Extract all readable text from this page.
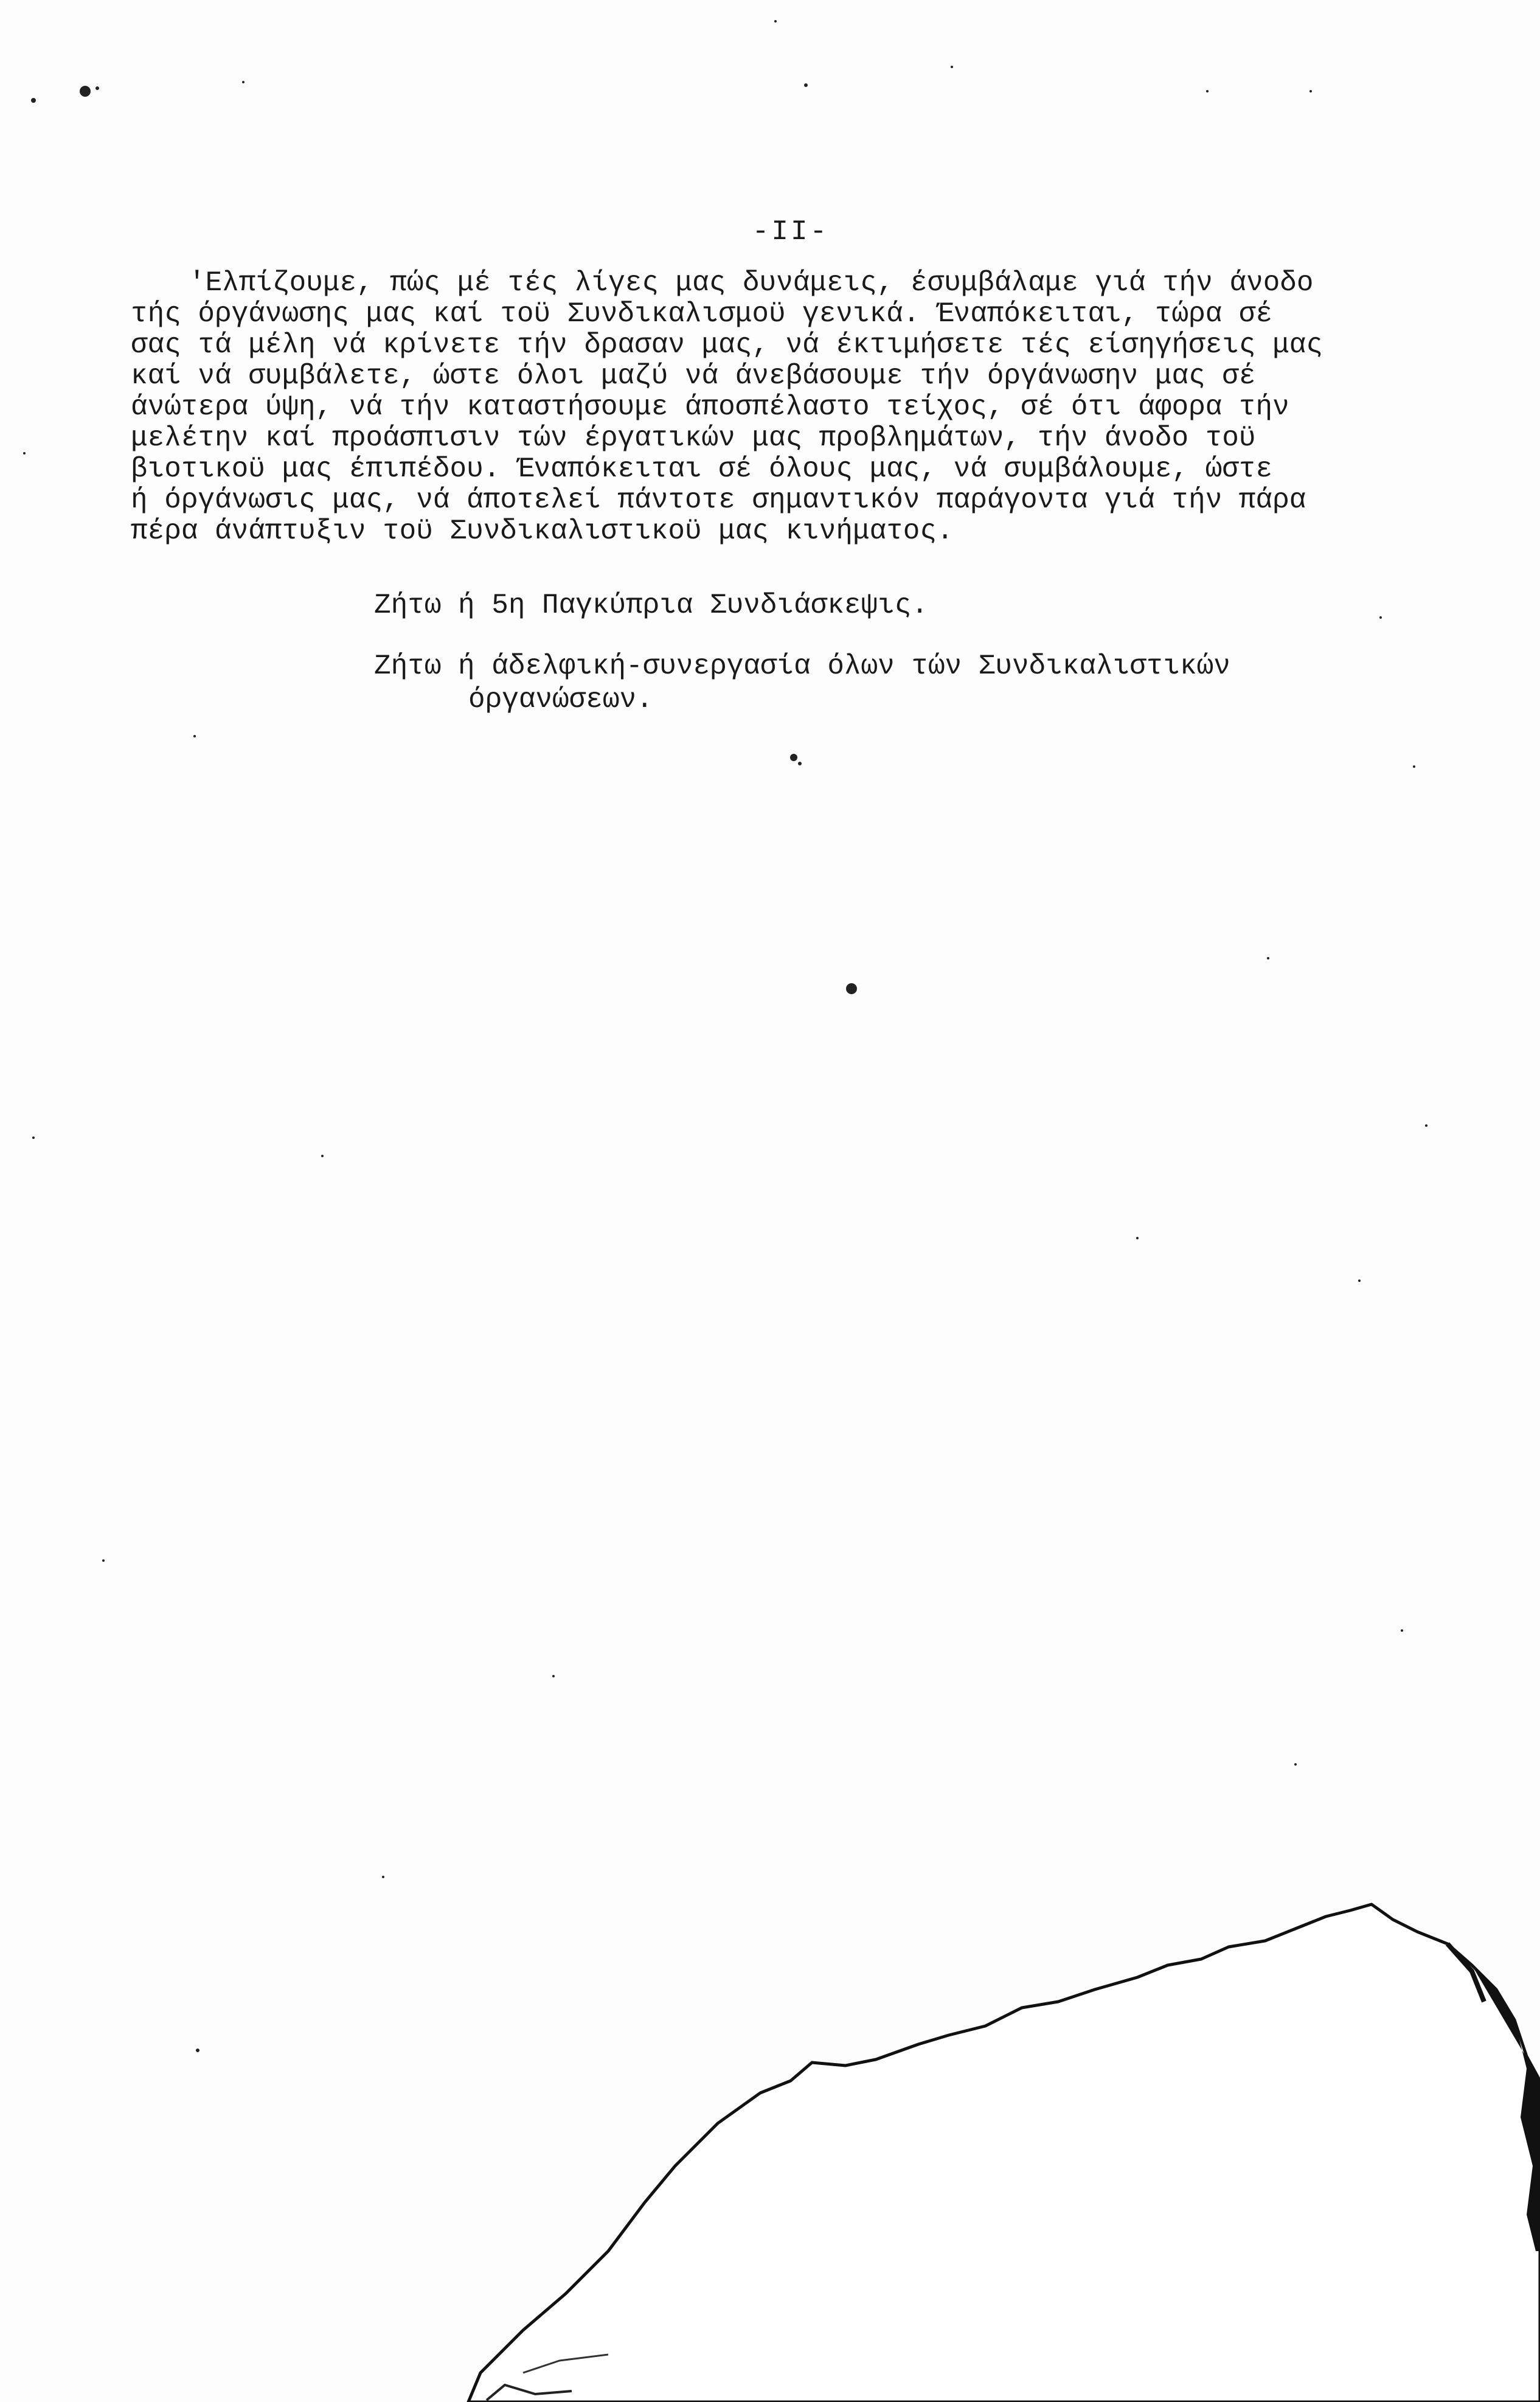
-II-
'Ελπίζουμε, πώς μέ τές λίγες μας δυνάμεις, έσυμβάλαμε γιά τήν άνοδο
τής όργάνωσης μας καί τοϋ Συνδικαλισμοϋ γενικά. Έναπόκειται, τώρα σέ
σας τά μέλη νά κρίνετε τήν δρασαν μας, νά έκτιμήσετε τές είσηγήσεις μας
καί νά συμβάλετε, ώστε όλοι μαζύ νά άνεβάσουμε τήν όργάνωσην μας σέ
άνώτερα ύψη, νά τήν καταστήσουμε άποσπέλαστο τείχος, σέ ότι άφορα τήν
μελέτην καί προάσπισιν τών έργατικών μας προβλημάτων, τήν άνοδο τοϋ
βιοτικοϋ μας έπιπέδου. Έναπόκειται σέ όλους μας, νά συμβάλουμε, ώστε
ή όργάνωσις μας, νά άποτελεί πάντοτε σημαντικόν παράγοντα γιά τήν πάρα
πέρα άνάπτυξιν τοϋ Συνδικαλιστικοϋ μας κινήματος.
Ζήτω ή 5η Παγκύπρια Συνδιάσκεψις.
Ζήτω ή άδελφική-συνεργασία όλων τών Συνδικαλιστικών
όργανώσεων.
